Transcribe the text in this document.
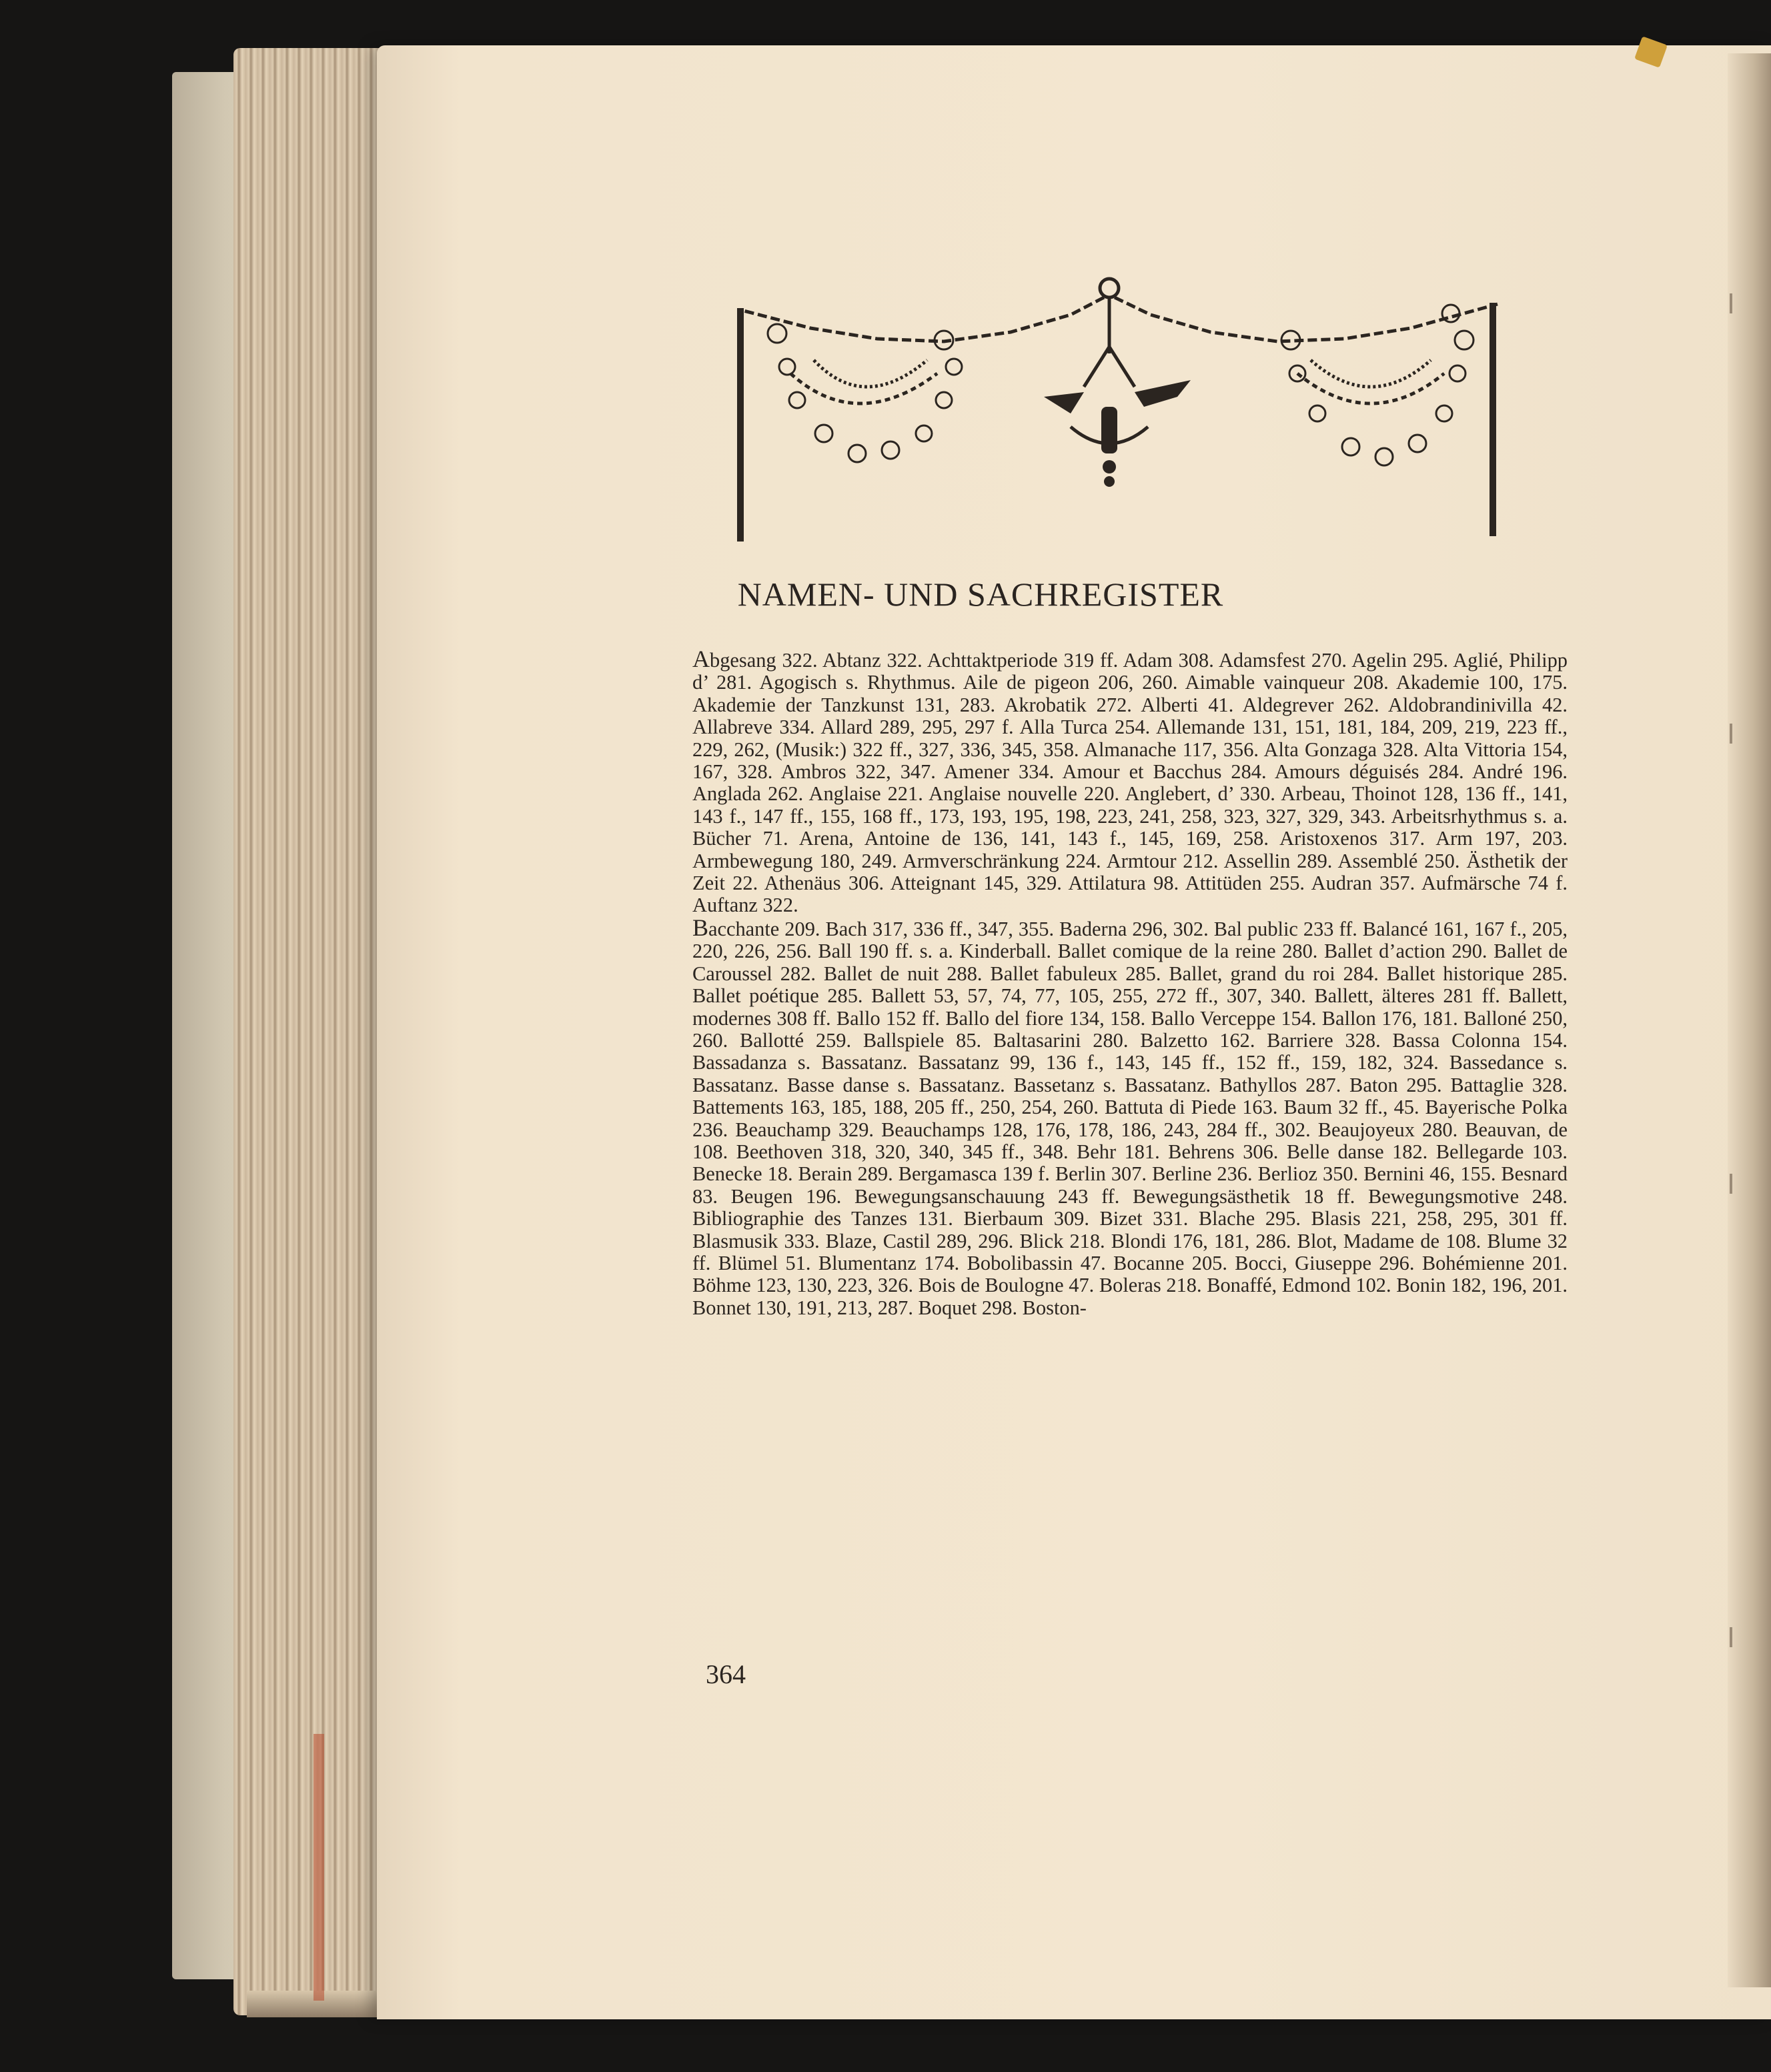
NAMEN- UND SACHREGISTER

Abgesang 322. Abtanz 322. Achttaktperiode 319 ff. Adam 308. Adamsfest 270. Agelin 295. Aglié, Philipp d’ 281. Agogisch s. Rhythmus. Aile de pigeon 206, 260. Aimable vainqueur 208. Akademie 100, 175. Akademie der Tanzkunst 131, 283. Akrobatik 272. Alberti 41. Aldegrever 262. Aldobrandinivilla 42. Allabreve 334. Allard 289, 295, 297 f. Alla Turca 254. Allemande 131, 151, 181, 184, 209, 219, 223 ff., 229, 262, (Musik:) 322 ff., 327, 336, 345, 358. Almanache 117, 356. Alta Gonzaga 328. Alta Vittoria 154, 167, 328. Ambros 322, 347. Amener 334. Amour et Bacchus 284. Amours déguisés 284. André 196. Anglada 262. Anglaise 221. Anglaise nouvelle 220. Anglebert, d’ 330. Arbeau, Thoinot 128, 136 ff., 141, 143 f., 147 ff., 155, 168 ff., 173, 193, 195, 198, 223, 241, 258, 323, 327, 329, 343. Arbeitsrhythmus s. a. Bücher 71. Arena, Antoine de 136, 141, 143 f., 145, 169, 258. Aristoxenos 317. Arm 197, 203. Armbewegung 180, 249. Armverschränkung 224. Armtour 212. Assellin 289. Assemblé 250. Ästhetik der Zeit 22. Athenäus 306. Atteignant 145, 329. Attilatura 98. Attitüden 255. Audran 357. Aufmärsche 74 f. Auftanz 322.

Bacchante 209. Bach 317, 336 ff., 347, 355. Baderna 296, 302. Bal public 233 ff. Balancé 161, 167 f., 205, 220, 226, 256. Ball 190 ff. s. a. Kinderball. Ballet comique de la reine 280. Ballet d’action 290. Ballet de Caroussel 282. Ballet de nuit 288. Ballet fabuleux 285. Ballet, grand du roi 284. Ballet historique 285. Ballet poétique 285. Ballett 53, 57, 74, 77, 105, 255, 272 ff., 307, 340. Ballett, älteres 281 ff. Ballett, modernes 308 ff. Ballo 152 ff. Ballo del fiore 134, 158. Ballo Verceppe 154. Ballon 176, 181. Balloné 250, 260. Ballotté 259. Ballspiele 85. Baltasarini 280. Balzetto 162. Barriere 328. Bassa Colonna 154. Bassadanza s. Bassatanz. Bassatanz 99, 136 f., 143, 145 ff., 152 ff., 159, 182, 324. Bassedance s. Bassatanz. Basse danse s. Bassatanz. Bassetanz s. Bassatanz. Bathyllos 287. Baton 295. Battaglie 328. Battements 163, 185, 188, 205 ff., 250, 254, 260. Battuta di Piede 163. Baum 32 ff., 45. Bayerische Polka 236. Beauchamp 329. Beauchamps 128, 176, 178, 186, 243, 284 ff., 302. Beaujoyeux 280. Beauvan, de 108. Beethoven 318, 320, 340, 345 ff., 348. Behr 181. Behrens 306. Belle danse 182. Bellegarde 103. Benecke 18. Berain 289. Bergamasca 139 f. Berlin 307. Berline 236. Berlioz 350. Bernini 46, 155. Besnard 83. Beugen 196. Bewegungsanschauung 243 ff. Bewegungsästhetik 18 ff. Bewegungsmotive 248. Bibliographie des Tanzes 131. Bierbaum 309. Bizet 331. Blache 295. Blasis 221, 258, 295, 301 ff. Blasmusik 333. Blaze, Castil 289, 296. Blick 218. Blondi 176, 181, 286. Blot, Madame de 108. Blume 32 ff. Blümel 51. Blumentanz 174. Bobolibassin 47. Bocanne 205. Bocci, Giuseppe 296. Bohémienne 201. Böhme 123, 130, 223, 326. Bois de Boulogne 47. Boleras 218. Bonaffé, Edmond 102. Bonin 182, 196, 201. Bonnet 130, 191, 213, 287. Boquet 298. Boston-

364
